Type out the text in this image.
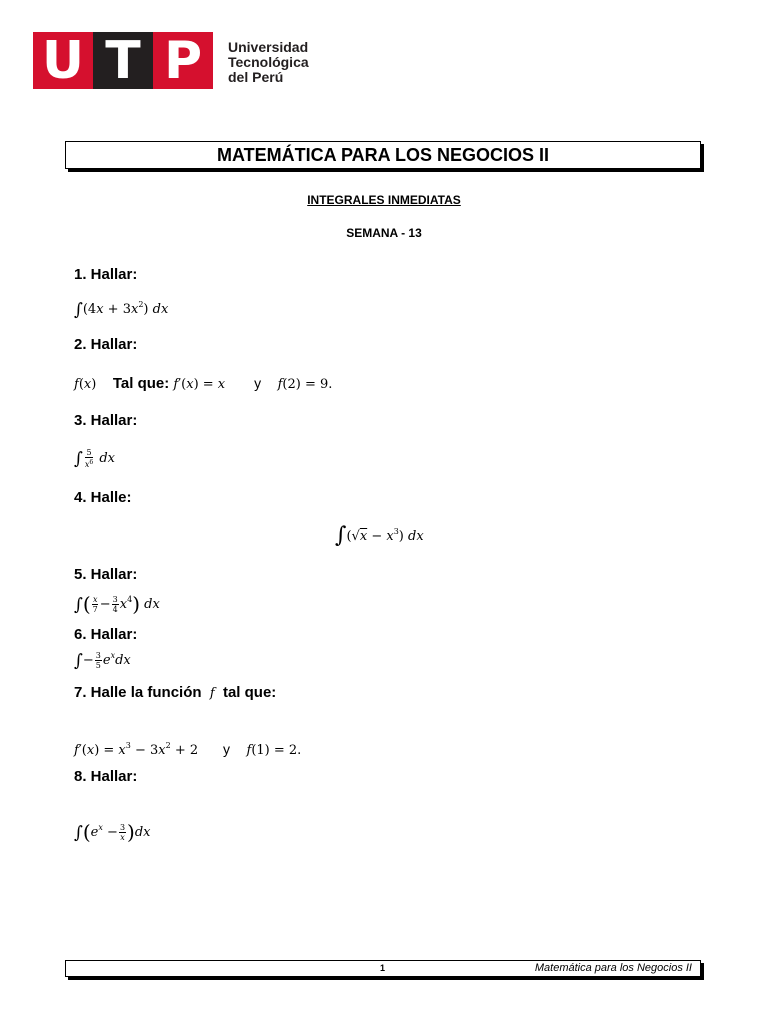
U T P	Universidad
Tecnológica
del Perú
MATEMÁTICA PARA LOS NEGOCIOS II
INTEGRALES INMEDIATAS
SEMANA - 13
1. Hallar:
$\int(4x + 3x^2)$ dx
2. Hallar:
f(x) Tal que: f′(x) = x       y    f(2) = 9.
3. Hallar:
∫ $\frac{5}{x^6}$ dx
4. Halle:
$\int(√x - x^3)$ dx
5. Hallar:
∫( $\frac{x}{7} - \frac{3}{4} x^4$) dx
6. Hallar:
∫− $\frac{3}{5} e^xdx$
7. Halle la función  f  tal que:
$f'(x) = x^3 - 3x^2 + 2$ y    f(1) = 2.
8. Hallar:
$\int(e^x - \frac{3}{x} )dx$
1	Matemática para los Negocios II
